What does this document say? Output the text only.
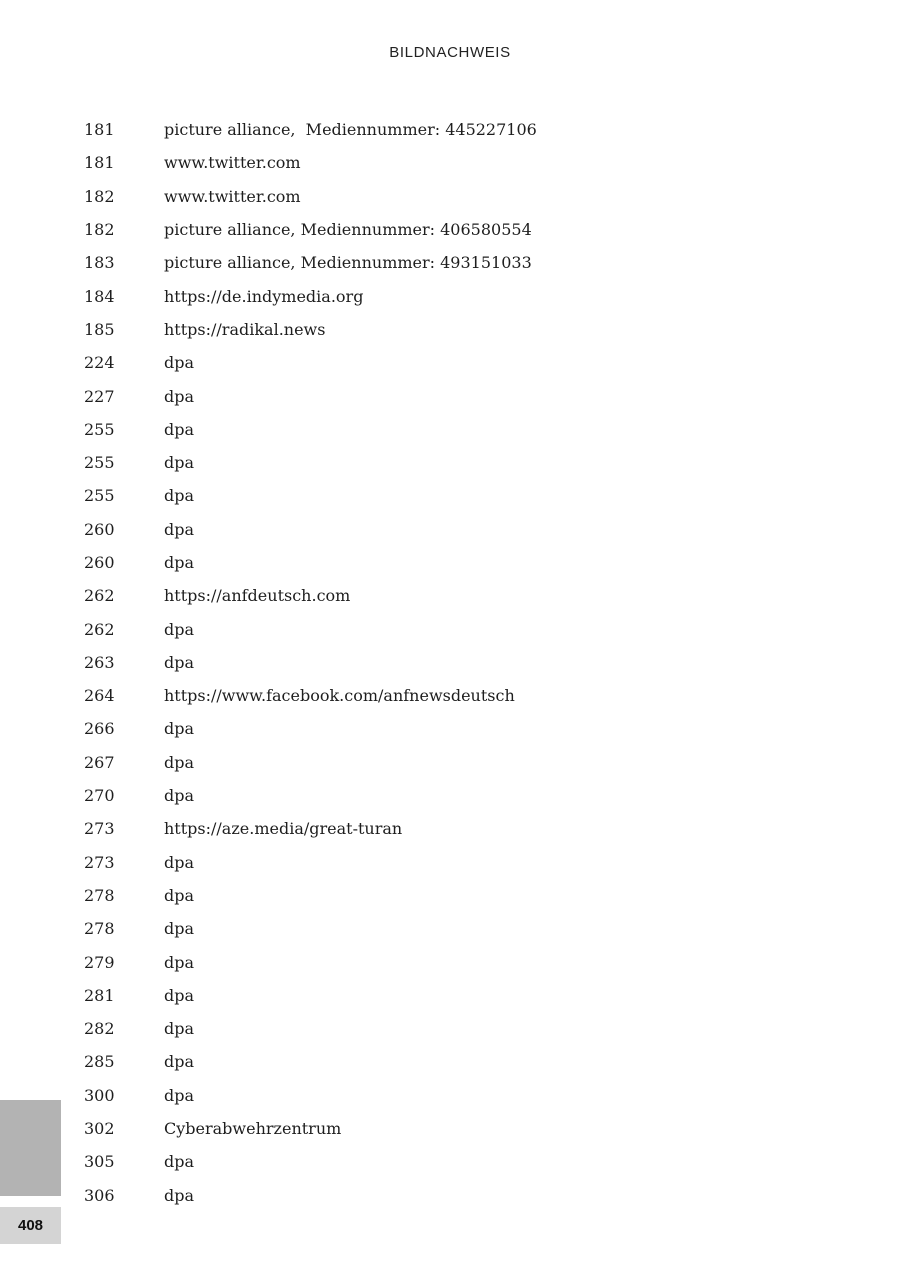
BILDNACHWEIS
181	picture alliance,  Mediennummer: 445227106
181	www.twitter.com
182	www.twitter.com
182	picture alliance, Mediennummer: 406580554
183	picture alliance, Mediennummer: 493151033
184	https://de.indymedia.org
185	https://radikal.news
224	dpa
227	dpa
255	dpa
255	dpa
255	dpa
260	dpa
260	dpa
262	https://anfdeutsch.com
262	dpa
263	dpa
264	https://www.facebook.com/anfnewsdeutsch
266	dpa
267	dpa
270	dpa
273	https://aze.media/great-turan
273	dpa
278	dpa
278	dpa
279	dpa
281	dpa
282	dpa
285	dpa
300	dpa
302	Cyberabwehrzentrum
305	dpa
306	dpa
408
